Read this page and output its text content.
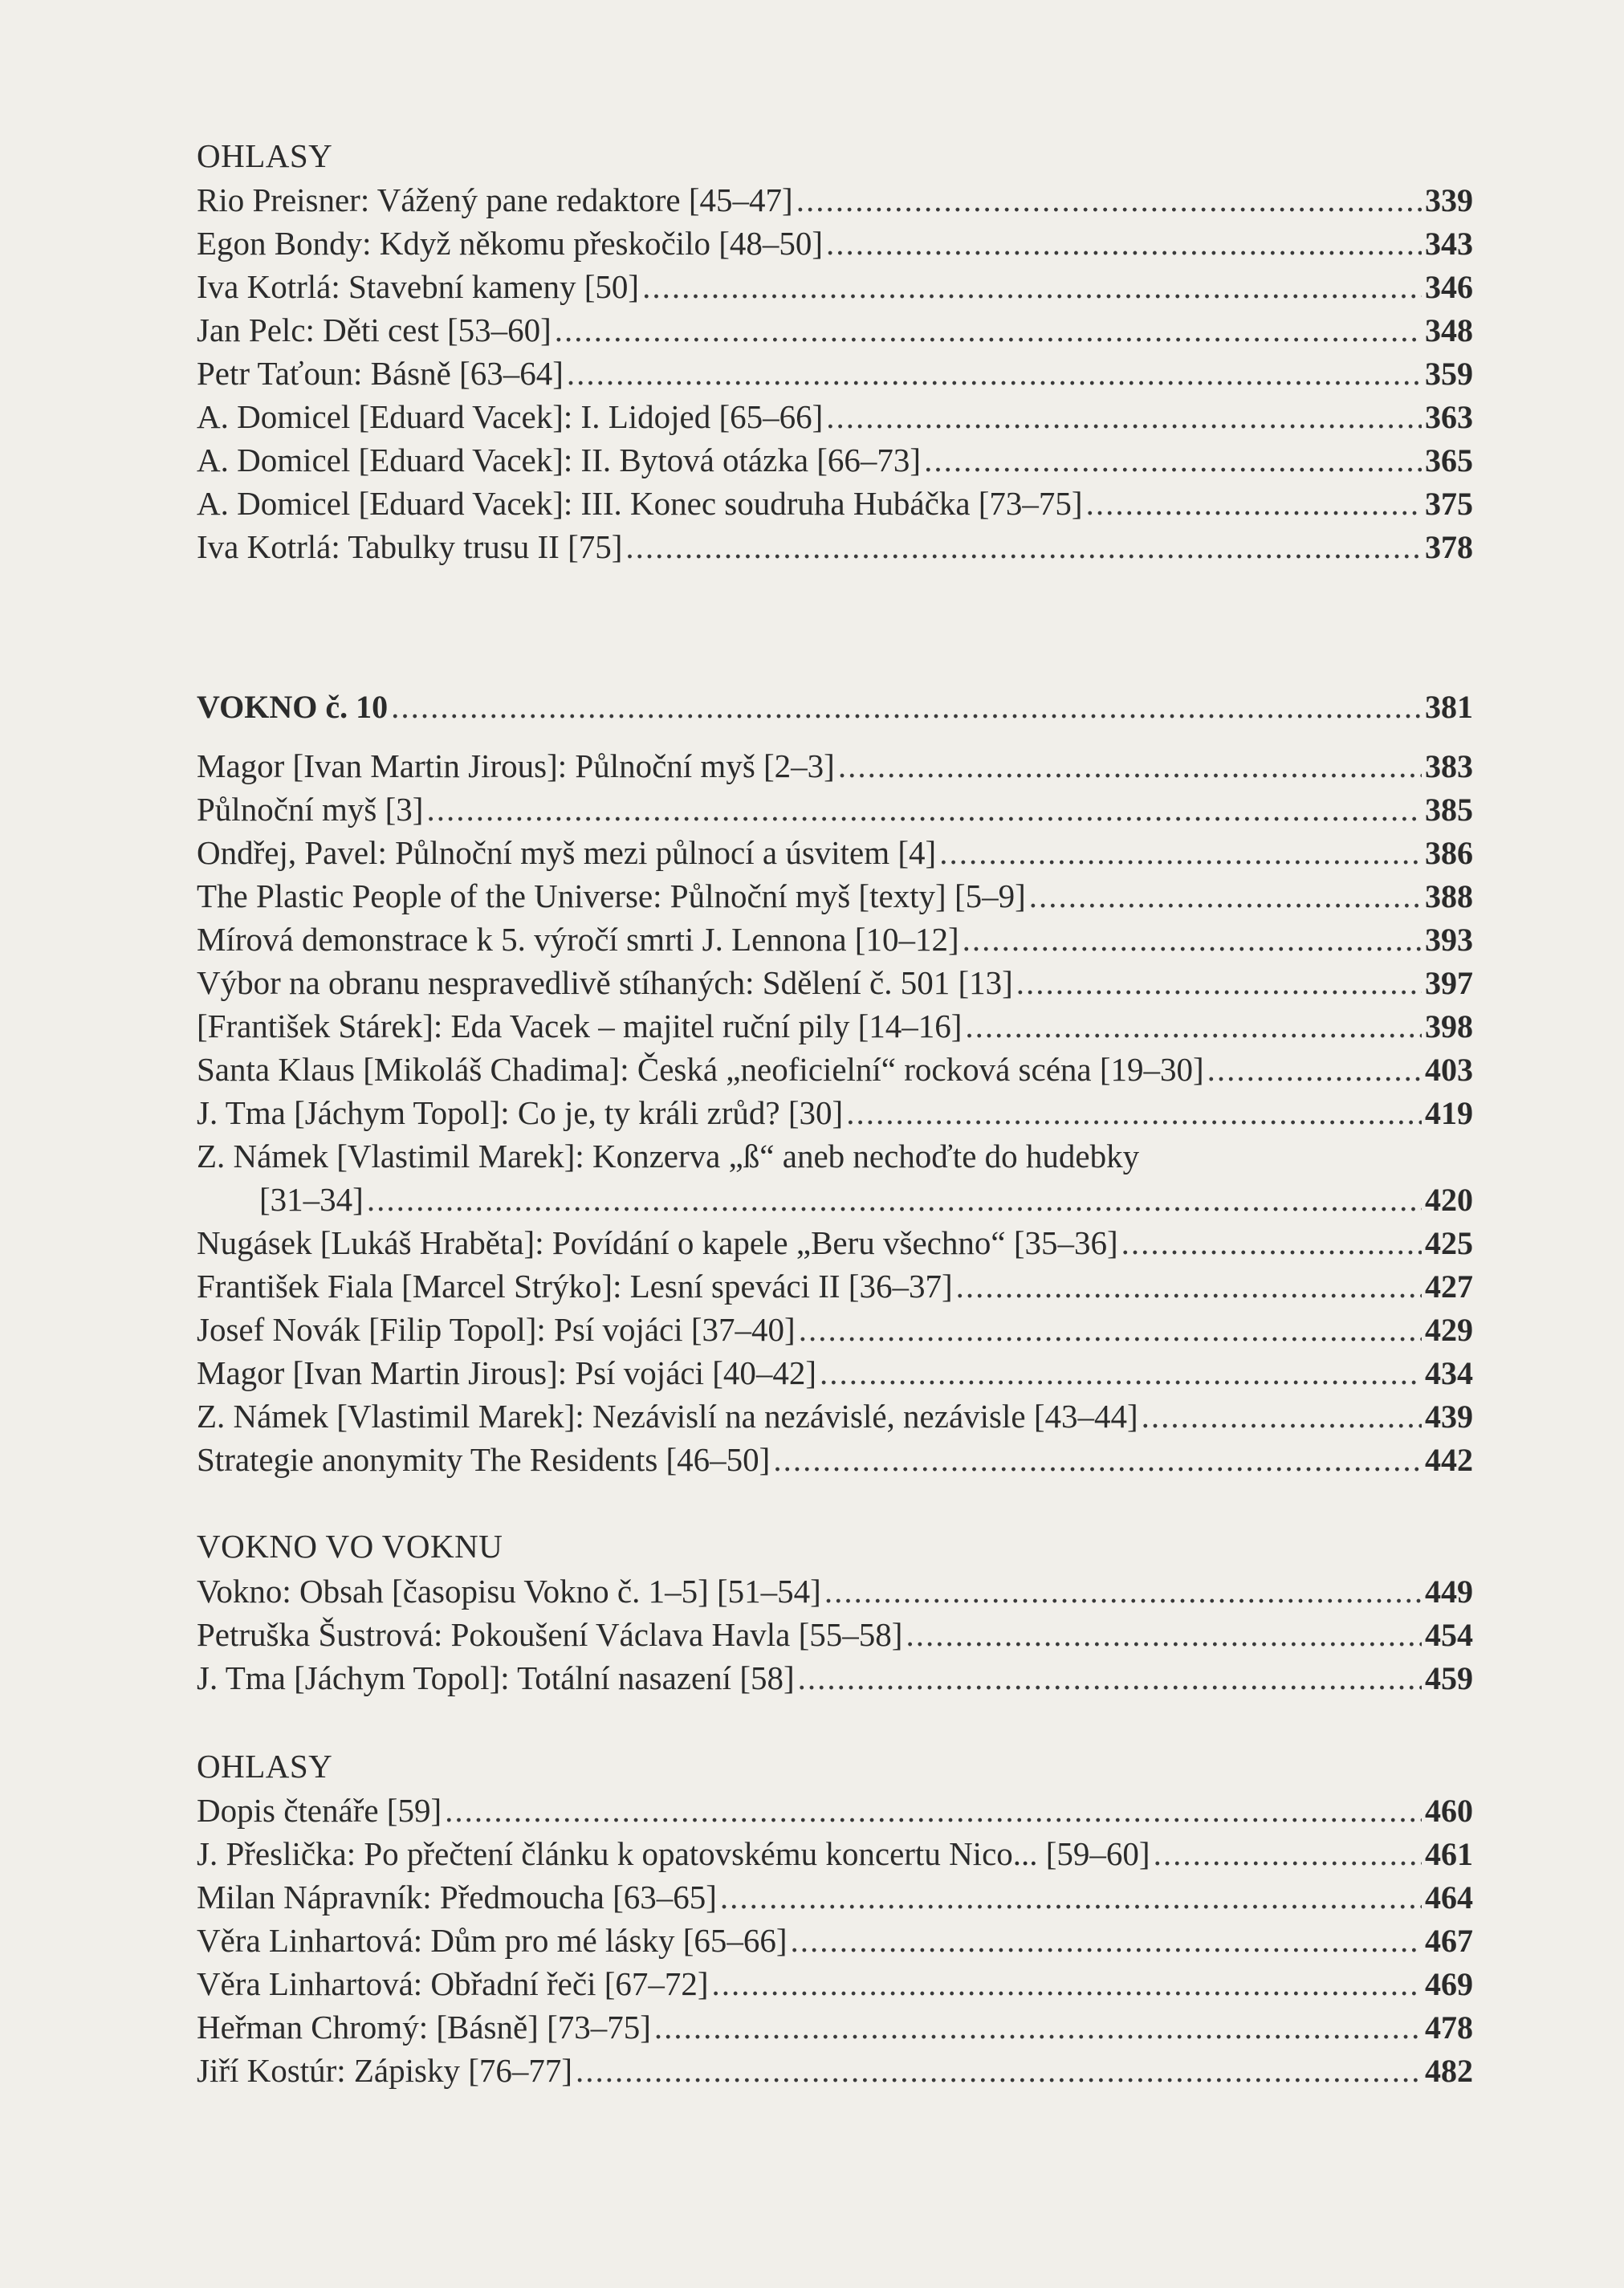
OHLASY
Rio Preisner: Vážený pane redaktore [45–47] .....	339
Egon Bondy: Když někomu přeskočilo [48–50] .....	343
Iva Kotrlá: Stavební kameny [50] .....	346
Jan Pelc: Děti cest [53–60] .....	348
Petr Taťoun: Básně [63–64] .....	359
A. Domicel [Eduard Vacek]: I. Lidojed [65–66] .....	363
A. Domicel [Eduard Vacek]: II. Bytová otázka [66–73] .....	365
A. Domicel [Eduard Vacek]: III. Konec soudruha Hubáčka [73–75] .....	375
Iva Kotrlá: Tabulky trusu II [75] .....	378
VOKNO č. 10 .....	381
Magor [Ivan Martin Jirous]: Půlnoční myš [2–3] .....	383
Půlnoční myš [3] .....	385
Ondřej, Pavel: Půlnoční myš mezi půlnocí a úsvitem [4] .....	386
The Plastic People of the Universe: Půlnoční myš [texty] [5–9] .....	388
Mírová demonstrace k 5. výročí smrti J. Lennona [10–12] .....	393
Výbor na obranu nespravedlivě stíhaných: Sdělení č. 501 [13] .....	397
[František Stárek]: Eda Vacek – majitel ruční pily [14–16] .....	398
Santa Klaus [Mikoláš Chadima]: Česká „neoficielní“ rocková scéna [19–30] .....	403
J. Tma [Jáchym Topol]: Co je, ty králi zrůd? [30] .....	419
Z. Námek [Vlastimil Marek]: Konzerva „ß“ aneb nechoďte do hudebky
[31–34] .....	420
Nugásek [Lukáš Hraběta]: Povídání o kapele „Beru všechno“ [35–36] .....	425
František Fiala [Marcel Strýko]: Lesní speváci II [36–37] .....	427
Josef Novák [Filip Topol]: Psí vojáci [37–40] .....	429
Magor [Ivan Martin Jirous]: Psí vojáci [40–42] .....	434
Z. Námek [Vlastimil Marek]: Nezávislí na nezávislé, nezávisle [43–44] .....	439
Strategie anonymity The Residents [46–50] .....	442
VOKNO VO VOKNU
Vokno: Obsah [časopisu Vokno č. 1–5] [51–54] .....	449
Petruška Šustrová: Pokoušení Václava Havla [55–58] .....	454
J. Tma [Jáchym Topol]: Totální nasazení [58] .....	459
OHLASY
Dopis čtenáře [59] .....	460
J. Přeslička: Po přečtení článku k opatovskému koncertu Nico... [59–60] .....	461
Milan Nápravník: Předmoucha [63–65] .....	464
Věra Linhartová: Dům pro mé lásky [65–66] .....	467
Věra Linhartová: Obřadní řeči [67–72] .....	469
Heřman Chromý: [Básně] [73–75] .....	478
Jiří Kostúr: Zápisky [76–77] .....	482
